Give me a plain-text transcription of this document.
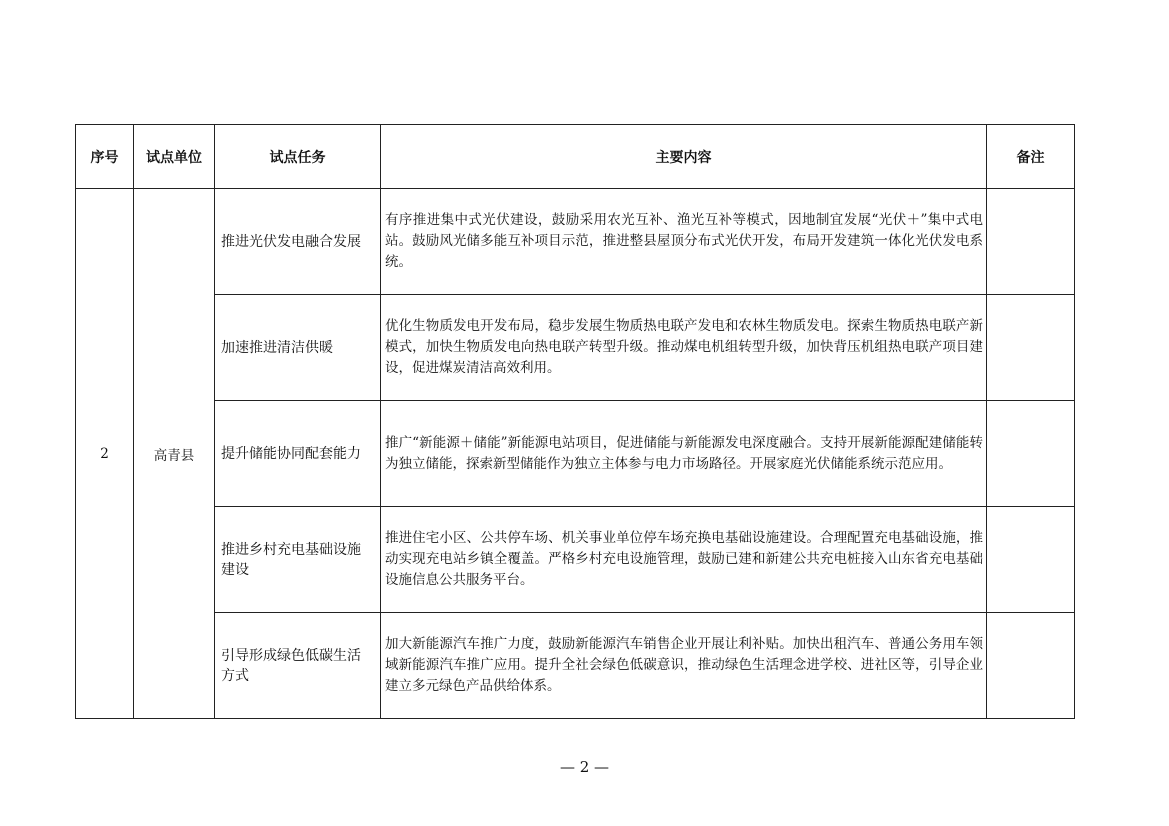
序号	试点单位	试点任务	主要内容	备注
2	高青县	推进光伏发电融合发展	有序推进集中式光伏建设，鼓励采用农光互补、渔光互补等模式，因地制宜发展“光伏＋”集中式电站。鼓励风光储多能互补项目示范，推进整县屋顶分布式光伏开发，布局开发建筑一体化光伏发电系统。	
		加速推进清洁供暖	优化生物质发电开发布局，稳步发展生物质热电联产发电和农林生物质发电。探索生物质热电联产新模式，加快生物质发电向热电联产转型升级。推动煤电机组转型升级，加快背压机组热电联产项目建设，促进煤炭清洁高效利用。	
		提升储能协同配套能力	推广“新能源＋储能”新能源电站项目，促进储能与新能源发电深度融合。支持开展新能源配建储能转为独立储能，探索新型储能作为独立主体参与电力市场路径。开展家庭光伏储能系统示范应用。	
		推进乡村充电基础设施建设	推进住宅小区、公共停车场、机关事业单位停车场充换电基础设施建设。合理配置充电基础设施，推动实现充电站乡镇全覆盖。严格乡村充电设施管理，鼓励已建和新建公共充电桩接入山东省充电基础设施信息公共服务平台。	
		引导形成绿色低碳生活方式	加大新能源汽车推广力度，鼓励新能源汽车销售企业开展让利补贴。加快出租汽车、普通公务用车领域新能源汽车推广应用。提升全社会绿色低碳意识，推动绿色生活理念进学校、进社区等，引导企业建立多元绿色产品供给体系。	
— 2 —
